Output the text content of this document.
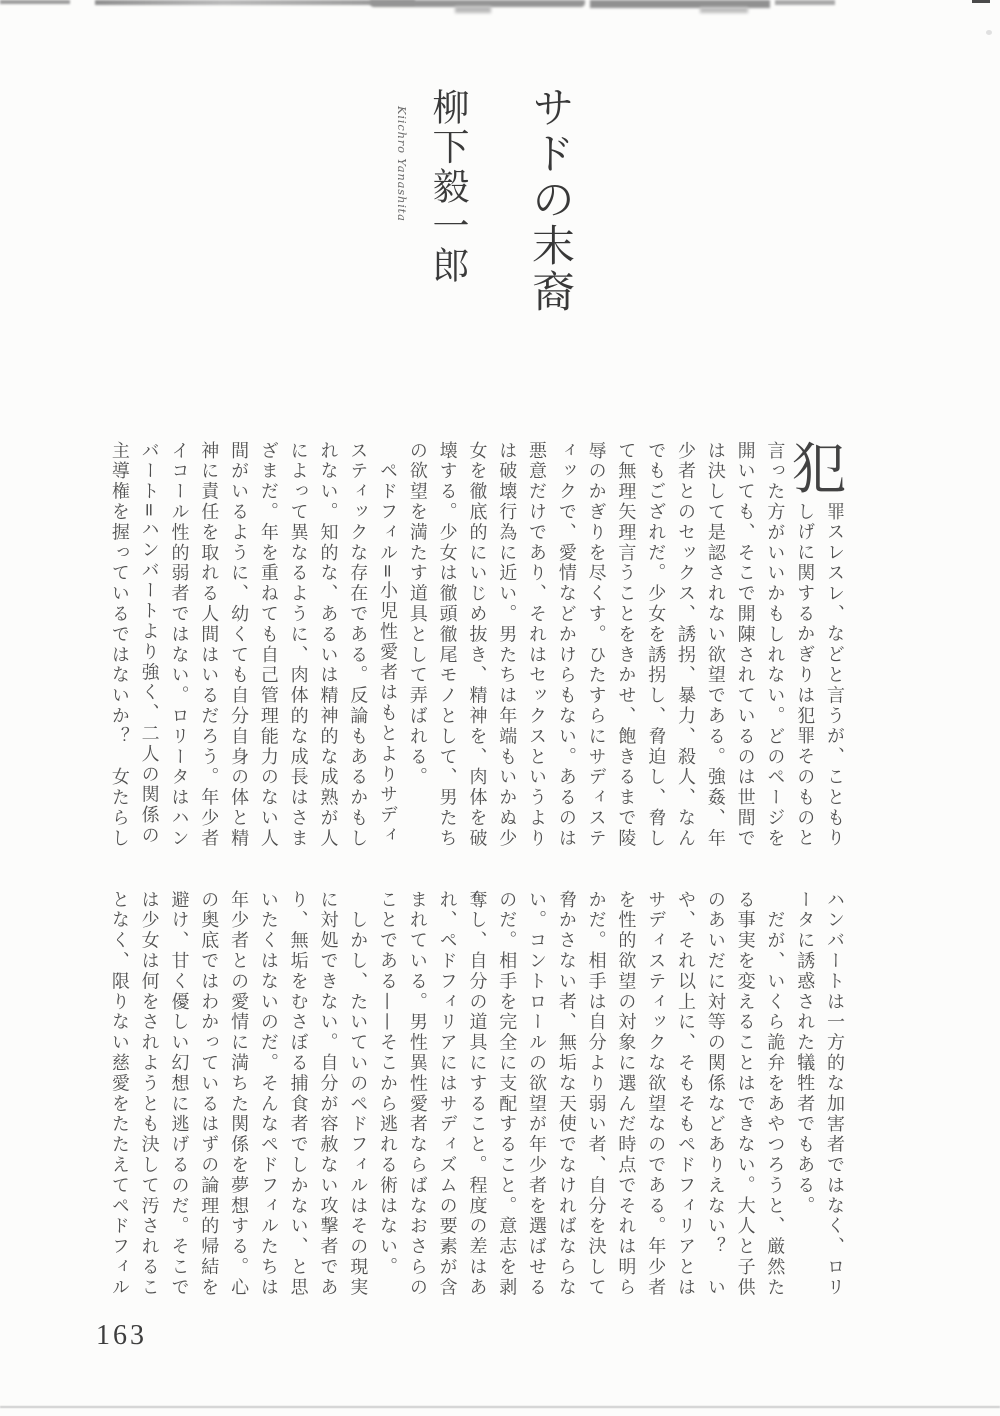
サドの末裔
柳下毅一郎
Kiichro Yanashita
犯
罪スレスレ、などと言うが、こともり
しげに関するかぎりは犯罪そのものと
言った方がいいかもしれない。どのページを
開いても、そこで開陳されているのは世間で
は決して是認されない欲望である。強姦、年
少者とのセックス、誘拐、暴力、殺人、なん
でもござれだ。少女を誘拐し、脅迫し、脅し
て無理矢理言うことをきかせ、飽きるまで陵
辱のかぎりを尽くす。ひたすらにサディステ
ィックで、愛情などかけらもない。あるのは
悪意だけであり、それはセックスというより
は破壊行為に近い。男たちは年端もいかぬ少
女を徹底的にいじめ抜き、精神を、肉体を破
壊する。少女は徹頭徹尾モノとして、男たち
の欲望を満たす道具として弄ばれる。
　ペドフィル=小児性愛者はもとよりサディ
スティックな存在である。反論もあるかもし
れない。知的な、あるいは精神的な成熟が人
によって異なるように、肉体的な成長はさま
ざまだ。年を重ねても自己管理能力のない人
間がいるように、幼くても自分自身の体と精
神に責任を取れる人間はいるだろう。年少者
イコール性的弱者ではない。ロリータはハン
バート=ハンバートより強く、二人の関係の
主導権を握っているではないか？　女たらし
ハンバートは一方的な加害者ではなく、ロリ
ータに誘惑された犠牲者でもある。
　だが、いくら詭弁をあやつろうと、厳然た
る事実を変えることはできない。大人と子供
のあいだに対等の関係などありえない？　い
や、それ以上に、そもそもペドフィリアとは
サディスティックな欲望なのである。年少者
を性的欲望の対象に選んだ時点でそれは明ら
かだ。相手は自分より弱い者、自分を決して
脅かさない者、無垢な天使でなければならな
い。コントロールの欲望が年少者を選ばせる
のだ。相手を完全に支配すること。意志を剥
奪し、自分の道具にすること。程度の差はあ
れ、ペドフィリアにはサディズムの要素が含
まれている。男性異性愛者ならばなおさらの
ことである——そこから逃れる術はない。
　しかし、たいていのペドフィルはその現実
に対処できない。自分が容赦ない攻撃者であ
り、無垢をむさぼる捕食者でしかない、と思
いたくはないのだ。そんなペドフィルたちは
年少者との愛情に満ちた関係を夢想する。心
の奥底ではわかっているはずの論理的帰結を
避け、甘く優しい幻想に逃げるのだ。そこで
は少女は何をされようとも決して汚されるこ
となく、限りない慈愛をたたえてペドフィル
163
